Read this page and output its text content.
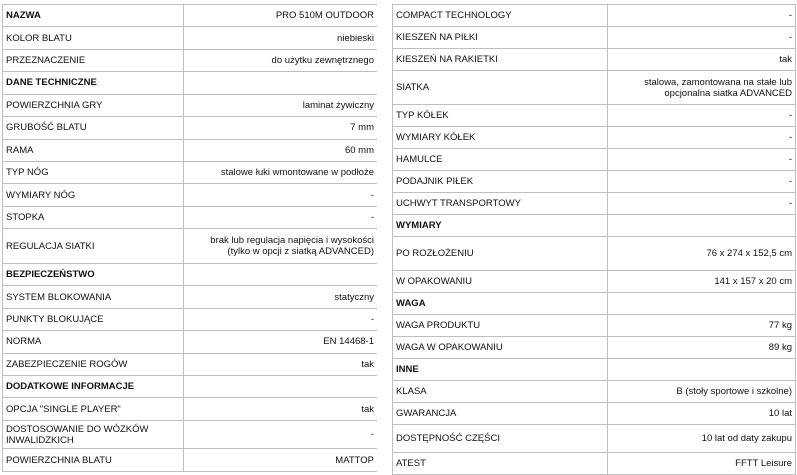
NAZWA	PRO 510M OUTDOOR

KOLOR BLATU	niebieski

PRZEZNACZENIE	do użytku zewnętrznego

DANE TECHNICZNE	

POWIERZCHNIA GRY	laminat żywiczny

GRUBOŚĆ BLATU	7 mm

RAMA	60 mm

TYP NÓG	stalowe łuki wmontowane w podłoże

WYMIARY NÓG	-

STOPKA	-

REGULACJA SIATKI	brak lub regulacja napięcia i wysokości
(tylko w opcji z siatką ADVANCED)

BEZPIECZEŃSTWO	

SYSTEM BLOKOWANIA	statyczny

PUNKTY BLOKUJĄCE	-

NORMA	EN 14468-1

ZABEZPIECZENIE ROGÓW	tak

DODATKOWE INFORMACJE	

OPCJA "SINGLE PLAYER"	tak

DOSTOSOWANIE DO WÓZKÓW
INWALIDZKICH	-

POWIERZCHNIA BLATU	MATTOP
COMPACT TECHNOLOGY	-

KIESZEŃ NA PIŁKI	-

KIESZEŃ NA RAKIETKI	tak

SIATKA	stalowa, zamontowana na stałe lub
opcjonalna siatka ADVANCED

TYP KÓŁEK	-

WYMIARY KÓŁEK	-

HAMULCE	-

PODAJNIK PIŁEK	-

UCHWYT TRANSPORTOWY	-

WYMIARY	

PO ROZŁOŻENIU	76 x 274 x 152,5 cm

W OPAKOWANIU	141 x 157 x 20 cm

WAGA	

WAGA PRODUKTU	77 kg

WAGA W OPAKOWANIU	89 kg

INNE	

KLASA	B (stoły sportowe i szkolne)

GWARANCJA	10 lat

DOSTĘPNOŚĆ CZĘŚCI	10 lat od daty zakupu

ATEST	FFTT Leisure
